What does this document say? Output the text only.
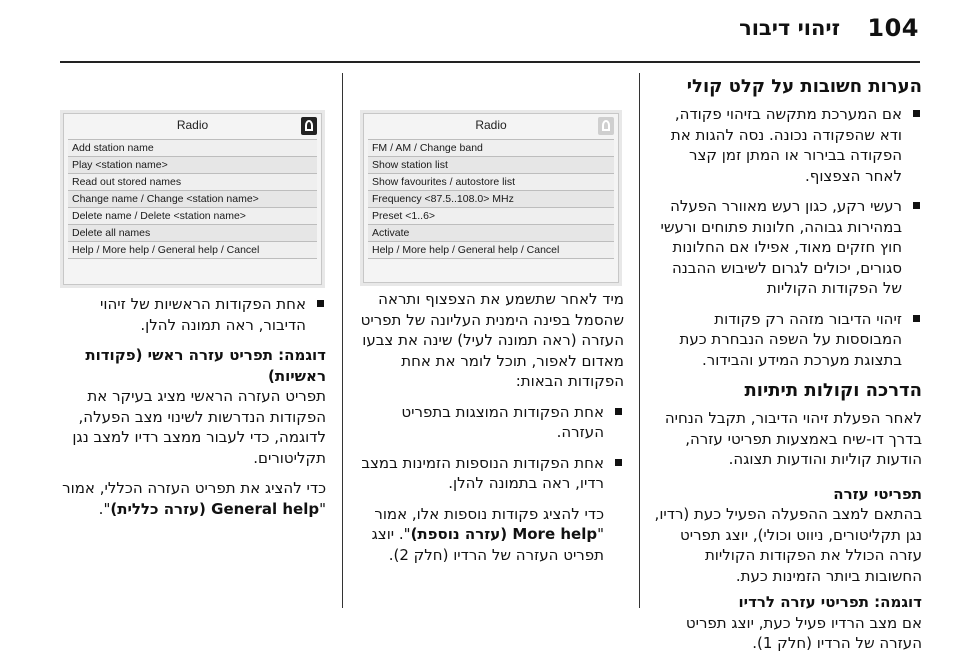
104
זיהוי דיבור
הערות חשובות על קלט קולי
אם המערכת מתקשה בזיהוי פקודה, ודא שהפקודה נכונה. נסה להגות את הפקודה בבירור או המתן זמן קצר לאחר הצפצוף.
רעשי רקע, כגון רעש מאוורר הפעלה במהירות גבוהה, חלונות פתוחים ורעשי חוץ חזקים מאוד, אפילו אם החלונות סגורים, יכולים לגרום לשיבוש ההבנה של הפקודות הקוליות
זיהוי הדיבור מזהה רק פקודות המבוססות על השפה הנבחרת כעת בתצוגת מערכת המידע והבידור.
הדרכה וקולות תיתיות

לאחר הפעלת זיהוי הדיבור, תקבל הנחיה בדרך דו-שיח באמצעות תפריטי עזרה, הודעות קוליות והודעות תצוגה.

תפריטי עזרה

בהתאם למצב ההפעלה הפעיל כעת (רדיו, נגן תקליטורים, ניווט וכולי), יוצג תפריט עזרה הכולל את הפקודות הקוליות החשובות ביותר הזמינות כעת.

דוגמה: תפריטי עזרה לרדיו

אם מצב הרדיו פעיל כעת, יוצג תפריט העזרה של הרדיו (חלק 1).

Radio
FM / AM / Change band
Show station list
Show favourites / autostore list
Frequency <87.5..108.0> MHz
Preset <1..6>
Activate
Help / More help / General help / Cancel

מיד לאחר שתשמע את הצפצוף ותראה שהסמל בפינה הימנית העליונה של תפריט העזרה (ראה תמונה לעיל) שינה את צבעו מאדום לאפור, תוכל לומר את אחת הפקודות הבאות:

אחת הפקודות המוצגות בתפריט העזרה.
אחת הפקודות הנוספות הזמינות במצב רדיו, ראה בתמונה להלן.

כדי להציג פקודות נוספות אלו, אמור "More help (עזרה נוספת)". יוצג תפריט העזרה של הרדיו (חלק 2).

Radio
Add station name
Play <station name>
Read out stored names
Change name / Change <station name>
Delete name / Delete <station name>
Delete all names
Help / More help / General help / Cancel
אחת הפקודות הראשיות של זיהוי הדיבור, ראה תמונה להלן.
דוגמה: תפריט עזרה ראשי (פקודות ראשיות)

תפריט העזרה הראשי מציג בעיקר את הפקודות הנדרשות לשינוי מצב הפעלה, לדוגמה, כדי לעבור ממצב רדיו למצב נגן תקליטורים.

כדי להציג את תפריט העזרה הכללי, אמור "General help (עזרה כללית)".
